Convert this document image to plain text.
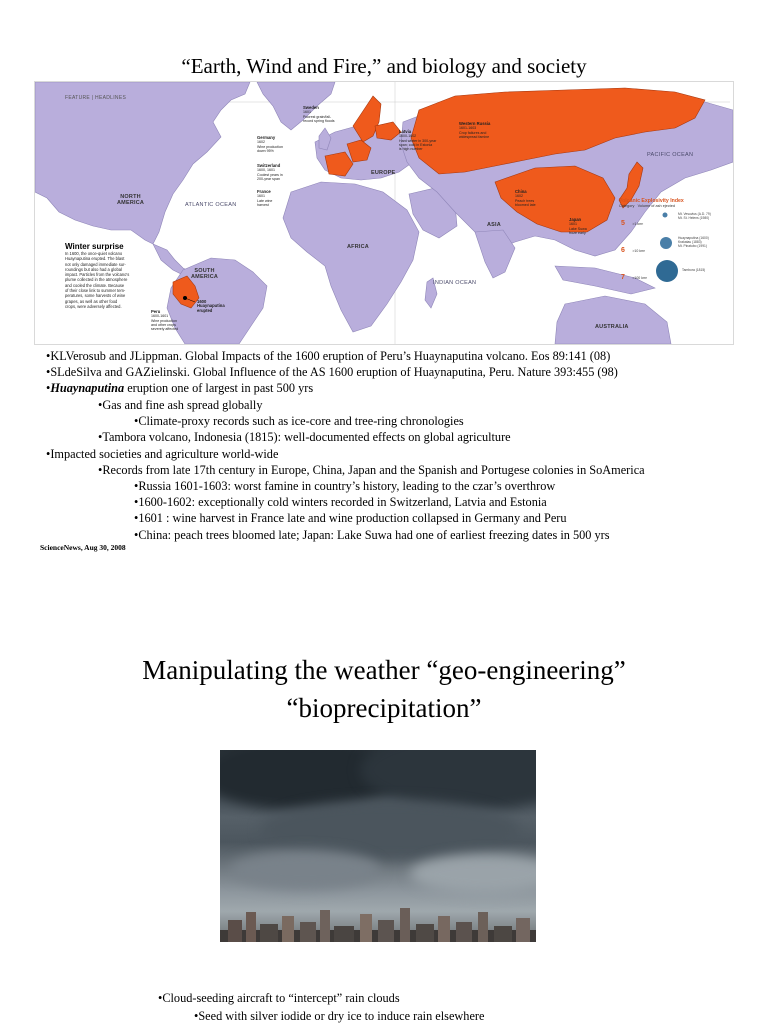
“Earth, Wind and Fire,” and biology and society
FEATURE | HEADLINES
NORTH
AMERICA
SOUTH
AMERICA
EUROPE
AFRICA
ASIA
AUSTRALIA
ATLANTIC OCEAN
PACIFIC OCEAN
INDIAN OCEAN
Sweden
1601
Poorest grain/fall-
record spring floods
Germany
1602
Wine production
down 95%
Switzerland
1600, 1601
Coolest years in
200-year span
France
1601
Late wine
harvest
Latvia
1600-1602
Hard winter in 300-year
span; cold in Estonia
is high number
Western Russia
1601-1603
Crop failures and
widespread famine
China
1602
Peach trees
bloomed late
Japan
1601
Lake Suwa
froze early
Peru
1600-1601
Wine production
and other crops
severely affected
1600 Huaynaputina erupted
Winter surprise
In 1600, the once-quiet volcano
Huaynaputina erupted. The blast
not only damaged immediate sur-
roundings but also had a global
impact. Particles from the volcano's
plume collected in the atmosphere
and cooled the climate. Because
of their close link to summer tem-
peratures, some harvests of wine
grapes, as well as other food
crops, were adversely affected.
Volcanic Explosivity Index
Category   Volume of ash ejected
5 >1 km³
Mt. Vesuvius (A.D. 79)
Mt. St. Helens (1980)
6 >10 km³
Huaynaputina (1600)
Krakatau (1883)
Mt. Pinatubo (1991)
7 >100 km³
Tambora (1815)
• KLVerosub and JLippman. Global Impacts of the 1600 eruption of Peru’s Huaynaputina volcano. Eos 89:141 (08)
• SLdeSilva and GAZielinski. Global Influence of the AS 1600 eruption of Huaynaputina, Peru. Nature 393:455 (98)
• Huaynaputina eruption one of largest in past 500 yrs
• Gas and fine ash spread globally
• Climate-proxy records such as ice-core and tree-ring chronologies
• Tambora volcano, Indonesia (1815): well-documented effects on global agriculture
• Impacted societies and agriculture world-wide
• Records from late 17th century in Europe, China, Japan and the Spanish and Portugese colonies in SoAmerica
• Russia 1601-1603: worst famine in country’s history, leading to the czar’s overthrow
• 1600-1602: exceptionally cold winters recorded in Switzerland, Latvia and Estonia
• 1601 : wine harvest in France late and wine production collapsed in Germany and Peru
• China: peach trees bloomed late; Japan: Lake Suwa had one of earliest freezing dates in 500 yrs
ScienceNews, Aug 30, 2008
Manipulating the weather “geo-engineering”
“bioprecipitation”
• Cloud-seeding aircraft to “intercept” rain clouds
• Seed with silver iodide or dry ice to induce rain elsewhere
